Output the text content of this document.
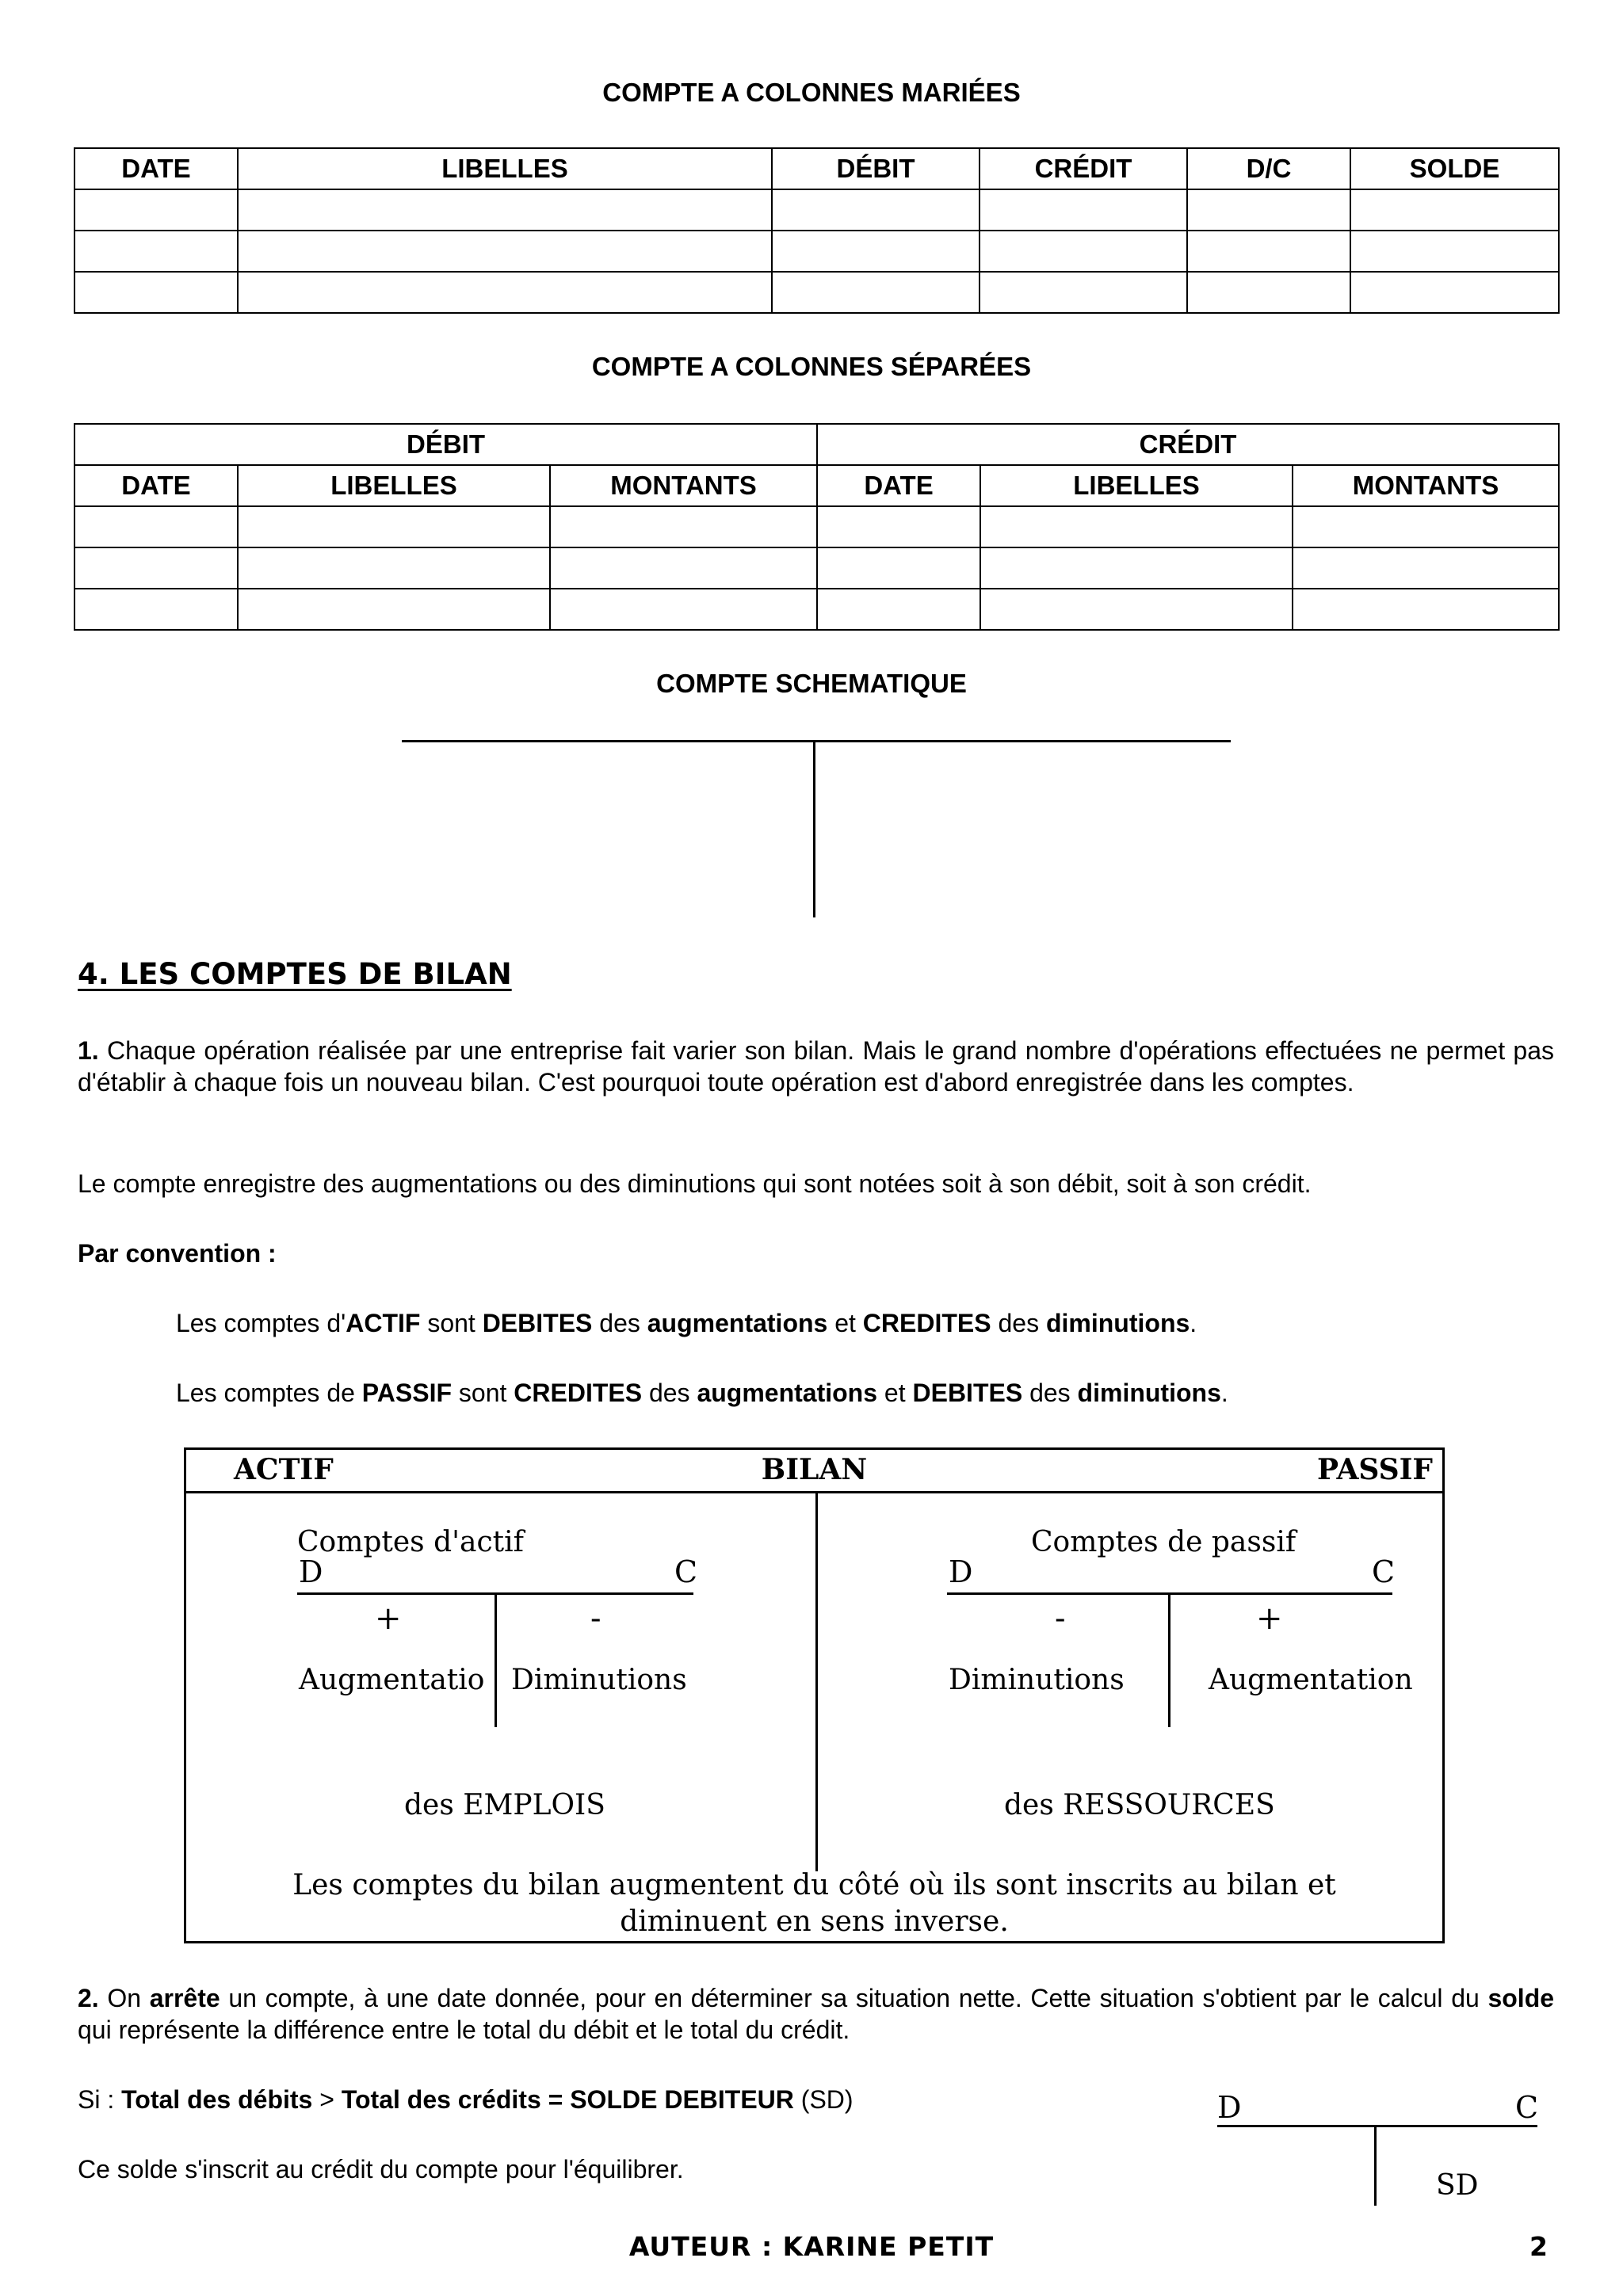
COMPTE A COLONNES MARIÉES
DATE	LIBELLES	DÉBIT	CRÉDIT	D/C	SOLDE

COMPTE A COLONNES SÉPARÉES
DÉBIT			CRÉDIT		
DATE	LIBELLES	MONTANTS	DATE	LIBELLES	MONTANTS

COMPTE SCHEMATIQUE
4. LES COMPTES DE BILAN
1. Chaque opération réalisée par une entreprise fait varier son bilan. Mais le grand nombre d'opérations effectuées ne permet pas d'établir à chaque fois un nouveau bilan. C'est pourquoi toute opération est d'abord enregistrée dans les comptes.
Le compte enregistre des augmentations ou des diminutions qui sont notées soit à son débit, soit à son crédit.
Par convention :
Les comptes d'ACTIF sont DEBITES des augmentations et CREDITES des diminutions.
Les comptes de PASSIF sont CREDITES des augmentations et DEBITES des diminutions.
ACTIF	BILAN	PASSIF
Comptes d'actif
D	C
+	-
Augmentatio Diminutions
des EMPLOIS
Comptes de passif
D	C
-	+
Diminutions	Augmentation
des RESSOURCES
Les comptes du bilan augmentent du côté où ils sont inscrits au bilan et diminuent en sens inverse.
2. On arrête un compte, à une date donnée, pour en déterminer sa situation nette. Cette situation s'obtient par le calcul du solde qui représente la différence entre le total du débit et le total du crédit.
Si : Total des débits > Total des crédits = SOLDE DEBITEUR (SD)
Ce solde s'inscrit au crédit du compte pour l'équilibrer.
D	C
SD
AUTEUR : KARINE PETIT	2
